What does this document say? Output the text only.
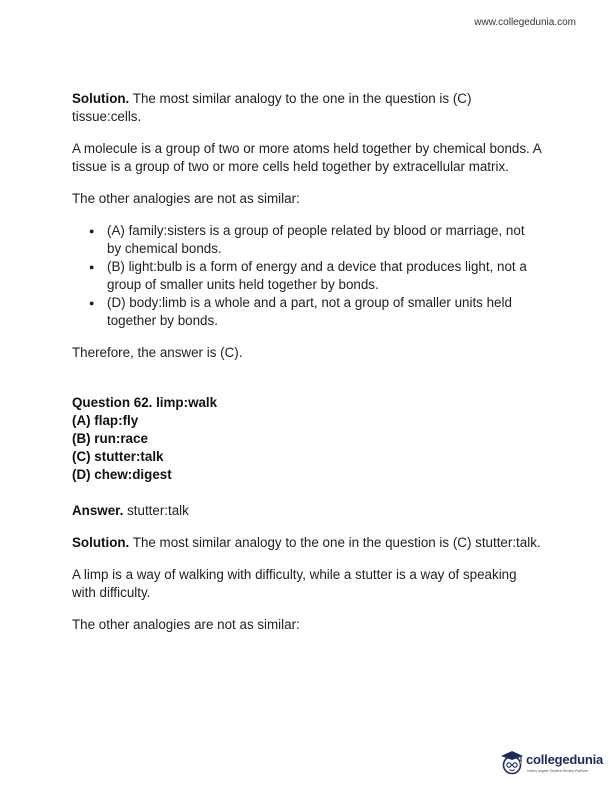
www.collegedunia.com

Solution. The most similar analogy to the one in the question is (C) tissue:cells.

A molecule is a group of two or more atoms held together by chemical bonds. A tissue is a group of two or more cells held together by extracellular matrix.

The other analogies are not as similar:

● (A) family:sisters is a group of people related by blood or marriage, not by chemical bonds.
● (B) light:bulb is a form of energy and a device that produces light, not a group of smaller units held together by bonds.
● (D) body:limb is a whole and a part, not a group of smaller units held together by bonds.

Therefore, the answer is (C).

Question 62. limp:walk
(A) flap:fly
(B) run:race
(C) stutter:talk
(D) chew:digest

Answer. stutter:talk

Solution. The most similar analogy to the one in the question is (C) stutter:talk.

A limp is a way of walking with difficulty, while a stutter is a way of speaking with difficulty.

The other analogies are not as similar:

collegedunia
India's largest Student Review Platform
